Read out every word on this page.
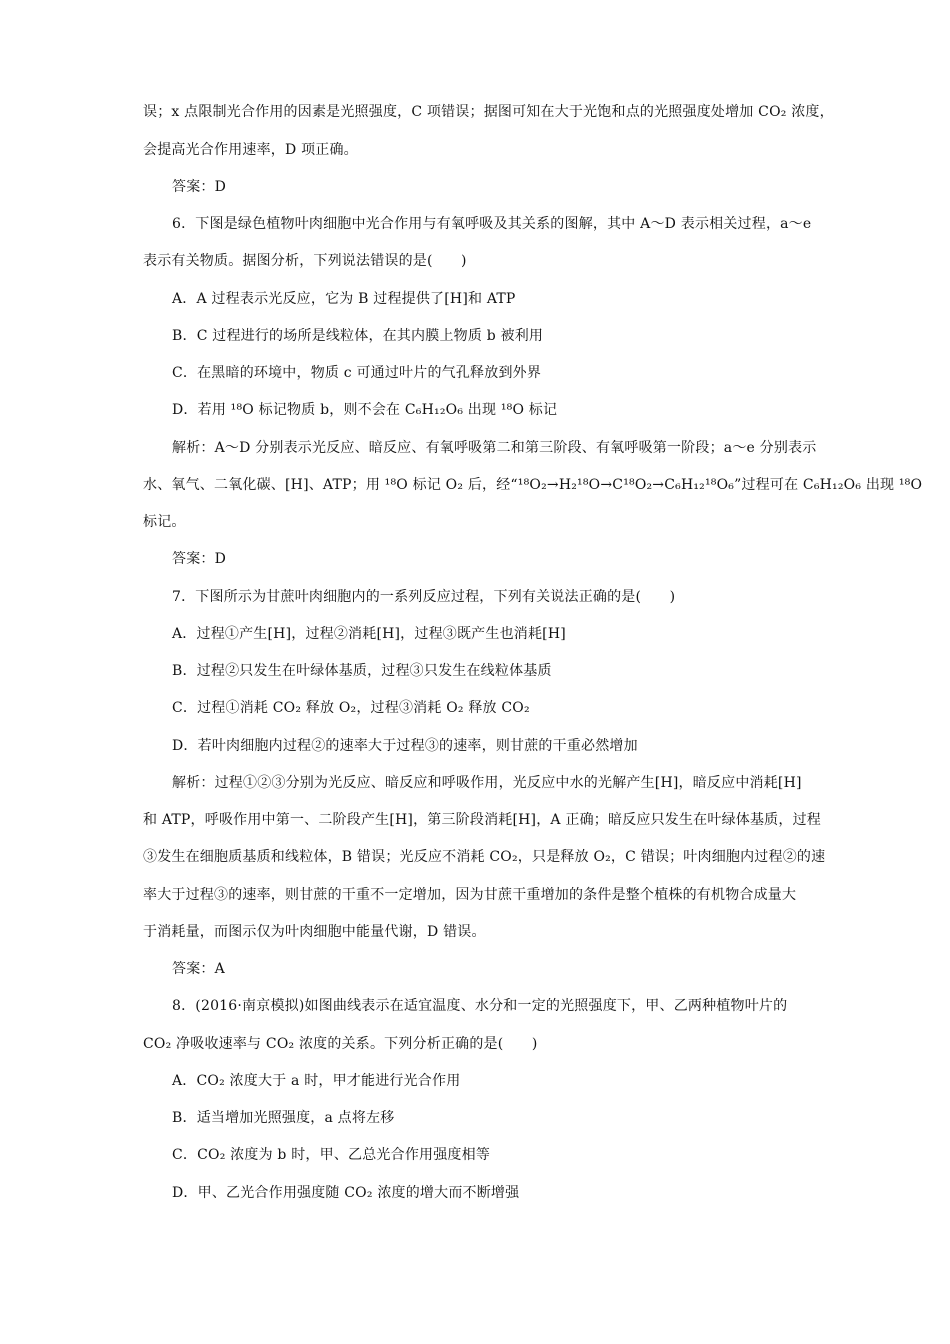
误；x 点限制光合作用的因素是光照强度，C 项错误；据图可知在大于光饱和点的光照强度处增加 CO₂ 浓度，
会提高光合作用速率，D 项正确。
答案：D
6．下图是绿色植物叶肉细胞中光合作用与有氧呼吸及其关系的图解，其中 A～D 表示相关过程，a～e
表示有关物质。据图分析，下列说法错误的是(　　)
A．A 过程表示光反应，它为 B 过程提供了[H]和 ATP
B．C 过程进行的场所是线粒体，在其内膜上物质 b 被利用
C．在黑暗的环境中，物质 c 可通过叶片的气孔释放到外界
D．若用 ¹⁸O 标记物质 b，则不会在 C₆H₁₂O₆ 出现 ¹⁸O 标记
解析：A～D 分别表示光反应、暗反应、有氧呼吸第二和第三阶段、有氧呼吸第一阶段；a～e 分别表示
水、氧气、二氧化碳、[H]、ATP；用 ¹⁸O 标记 O₂ 后，经“¹⁸O₂→H₂¹⁸O→C¹⁸O₂→C₆H₁₂¹⁸O₆”过程可在 C₆H₁₂O₆ 出现 ¹⁸O
标记。
答案：D
7．下图所示为甘蔗叶肉细胞内的一系列反应过程，下列有关说法正确的是(　　)
A．过程①产生[H]，过程②消耗[H]，过程③既产生也消耗[H]
B．过程②只发生在叶绿体基质，过程③只发生在线粒体基质
C．过程①消耗 CO₂ 释放 O₂，过程③消耗 O₂ 释放 CO₂
D．若叶肉细胞内过程②的速率大于过程③的速率，则甘蔗的干重必然增加
解析：过程①②③分别为光反应、暗反应和呼吸作用，光反应中水的光解产生[H]，暗反应中消耗[H]
和 ATP，呼吸作用中第一、二阶段产生[H]，第三阶段消耗[H]，A 正确；暗反应只发生在叶绿体基质，过程
③发生在细胞质基质和线粒体，B 错误；光反应不消耗 CO₂，只是释放 O₂，C 错误；叶肉细胞内过程②的速
率大于过程③的速率，则甘蔗的干重不一定增加，因为甘蔗干重增加的条件是整个植株的有机物合成量大
于消耗量，而图示仅为叶肉细胞中能量代谢，D 错误。
答案：A
8．(2016·南京模拟)如图曲线表示在适宜温度、水分和一定的光照强度下，甲、乙两种植物叶片的
CO₂ 净吸收速率与 CO₂ 浓度的关系。下列分析正确的是(　　)
A．CO₂ 浓度大于 a 时，甲才能进行光合作用
B．适当增加光照强度，a 点将左移
C．CO₂ 浓度为 b 时，甲、乙总光合作用强度相等
D．甲、乙光合作用强度随 CO₂ 浓度的增大而不断增强
